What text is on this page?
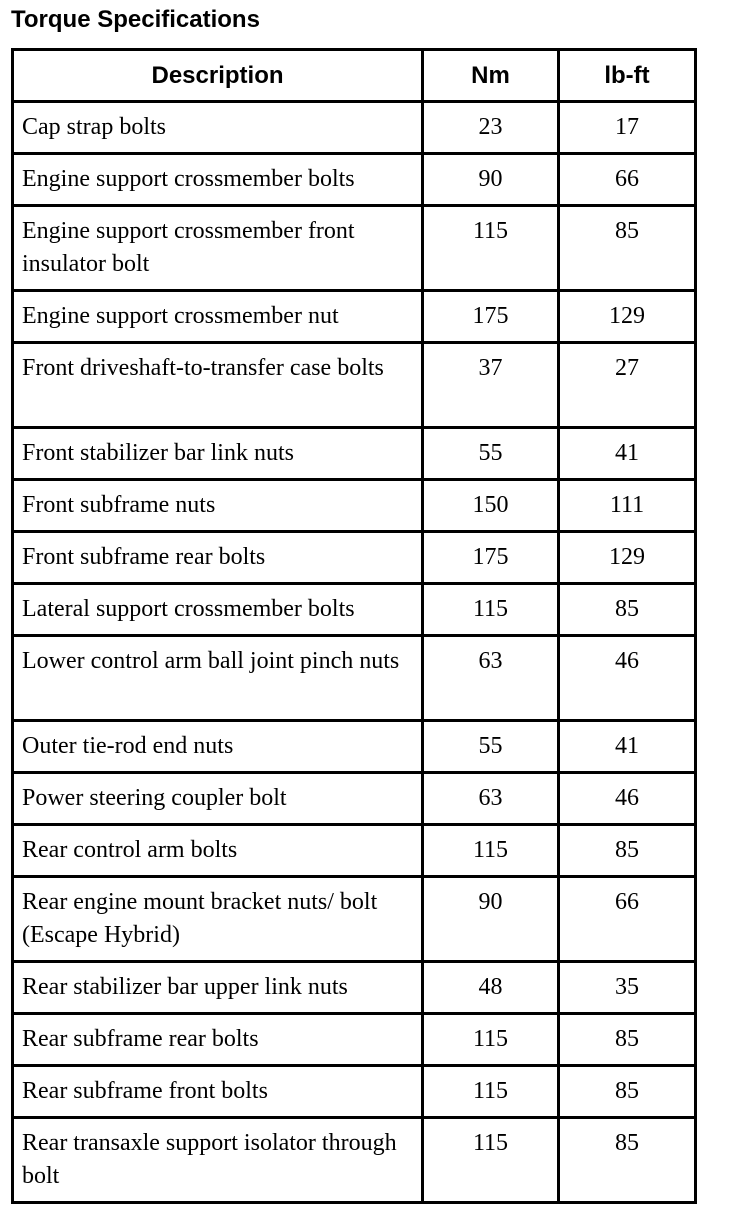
Torque Specifications
Description	Nm	lb-ft
Cap strap bolts	23	17
Engine support crossmember bolts	90	66
Engine support crossmember front insulator bolt	115	85
Engine support crossmember nut	175	129
Front driveshaft-to-transfer case bolts	37	27
Front stabilizer bar link nuts	55	41
Front subframe nuts	150	111
Front subframe rear bolts	175	129
Lateral support crossmember bolts	115	85
Lower control arm ball joint pinch nuts	63	46
Outer tie-rod end nuts	55	41
Power steering coupler bolt	63	46
Rear control arm bolts	115	85
Rear engine mount bracket nuts/ bolt (Escape Hybrid)	90	66
Rear stabilizer bar upper link nuts	48	35
Rear subframe rear bolts	115	85
Rear subframe front bolts	115	85
Rear transaxle support isolator through bolt	115	85
